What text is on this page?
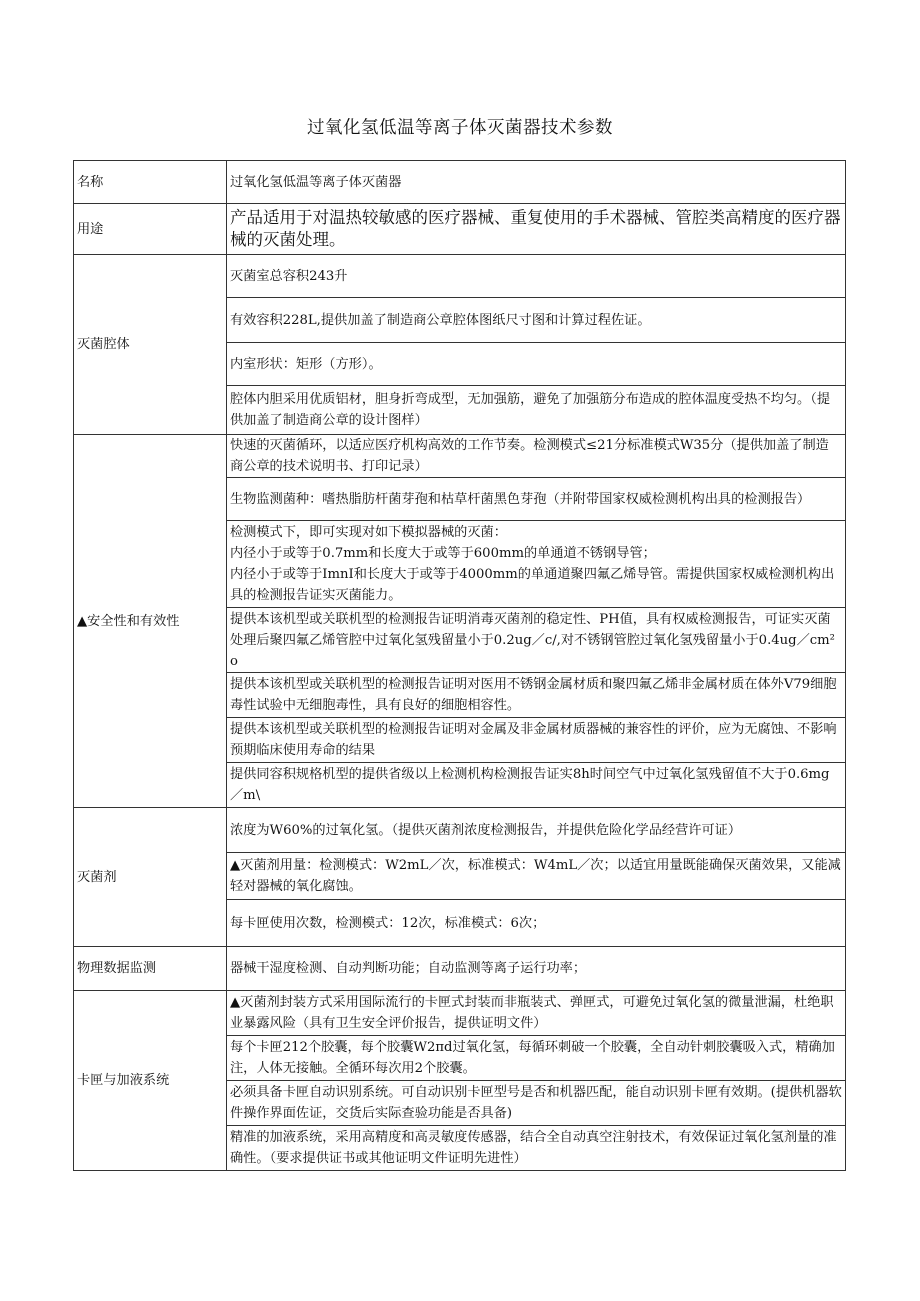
过氧化氢低温等离子体灭菌器技术参数
名称	过氧化氢低温等离子体灭菌器
用途	产品适用于对温热较敏感的医疗器械、重复使用的手术器械、管腔类高精度的医疗器械的灭菌处理。
灭菌腔体	灭菌室总容积243升
	有效容积228L,提供加盖了制造商公章腔体图纸尺寸图和计算过程佐证。
	内室形状：矩形（方形）。
	腔体内胆采用优质铝材，胆身折弯成型，无加强筋，避免了加强筋分布造成的腔体温度受热不均匀。（提供加盖了制造商公章的设计图样）
▲安全性和有效性	快速的灭菌循环，以适应医疗机构高效的工作节奏。检测模式≤21分标准模式W35分（提供加盖了制造商公章的技术说明书、打印记录）
	生物监测菌种：嗜热脂肪杆菌芽孢和枯草杆菌黑色芽孢（并附带国家权威检测机构出具的检测报告）

	检测模式下，即可实现对如下模拟器械的灭菌：
内径小于或等于0.7mm和长度大于或等于600mm的单通道不锈钢导管；
内径小于或等于ImnI和长度大于或等于4000mm的单通道聚四氟乙烯导管。需提供国家权威检测机构出具的检测报告证实灭菌能力。

	提供本该机型或关联机型的检测报告证明消毒灭菌剂的稳定性、PH值，具有权威检测报告，可证实灭菌处理后聚四氟乙烯管腔中过氧化氢残留量小于0.2ug／c/,对不锈钢管腔过氧化氢残留量小于0.4ug／cm²o
	提供本该机型或关联机型的检测报告证明对医用不锈钢金属材质和聚四氟乙烯非金属材质在体外V79细胞毒性试验中无细胞毒性，具有良好的细胞相容性。
	提供本该机型或关联机型的检测报告证明对金属及非金属材质器械的兼容性的评价，应为无腐蚀、不影响预期临床使用寿命的结果
	提供同容积规格机型的提供省级以上检测机构检测报告证实8h时间空气中过氧化氢残留值不大于0.6mg／m\
灭菌剂	浓度为W60%的过氧化氢。（提供灭菌剂浓度检测报告，并提供危险化学品经营许可证）
	▲灭菌剂用量：检测模式：W2mL／次，标准模式：W4mL／次；以适宜用量既能确保灭菌效果，又能减轻对器械的氧化腐蚀。
	每卡匣使用次数，检测模式：12次，标准模式：6次；
物理数据监测	器械干湿度检测、自动判断功能；自动监测等离子运行功率；
卡匣与加液系统	▲灭菌剂封装方式采用国际流行的卡匣式封装而非瓶装式、弹匣式，可避免过氧化氢的微量泄漏，杜绝职业暴露风险（具有卫生安全评价报告，提供证明文件）
	每个卡匣212个胶囊，每个胶囊W2πd过氧化氢，每循环刺破一个胶囊，全自动针刺胶囊吸入式，精确加注，人体无接触。全循环每次用2个胶囊。
	必须具备卡匣自动识别系统。可自动识别卡匣型号是否和机器匹配，能自动识别卡匣有效期。(提供机器软件操作界面佐证，交货后实际查验功能是否具备)
	精准的加液系统，采用高精度和高灵敏度传感器，结合全自动真空注射技术，有效保证过氧化氢剂量的准确性。（要求提供证书或其他证明文件证明先进性）
